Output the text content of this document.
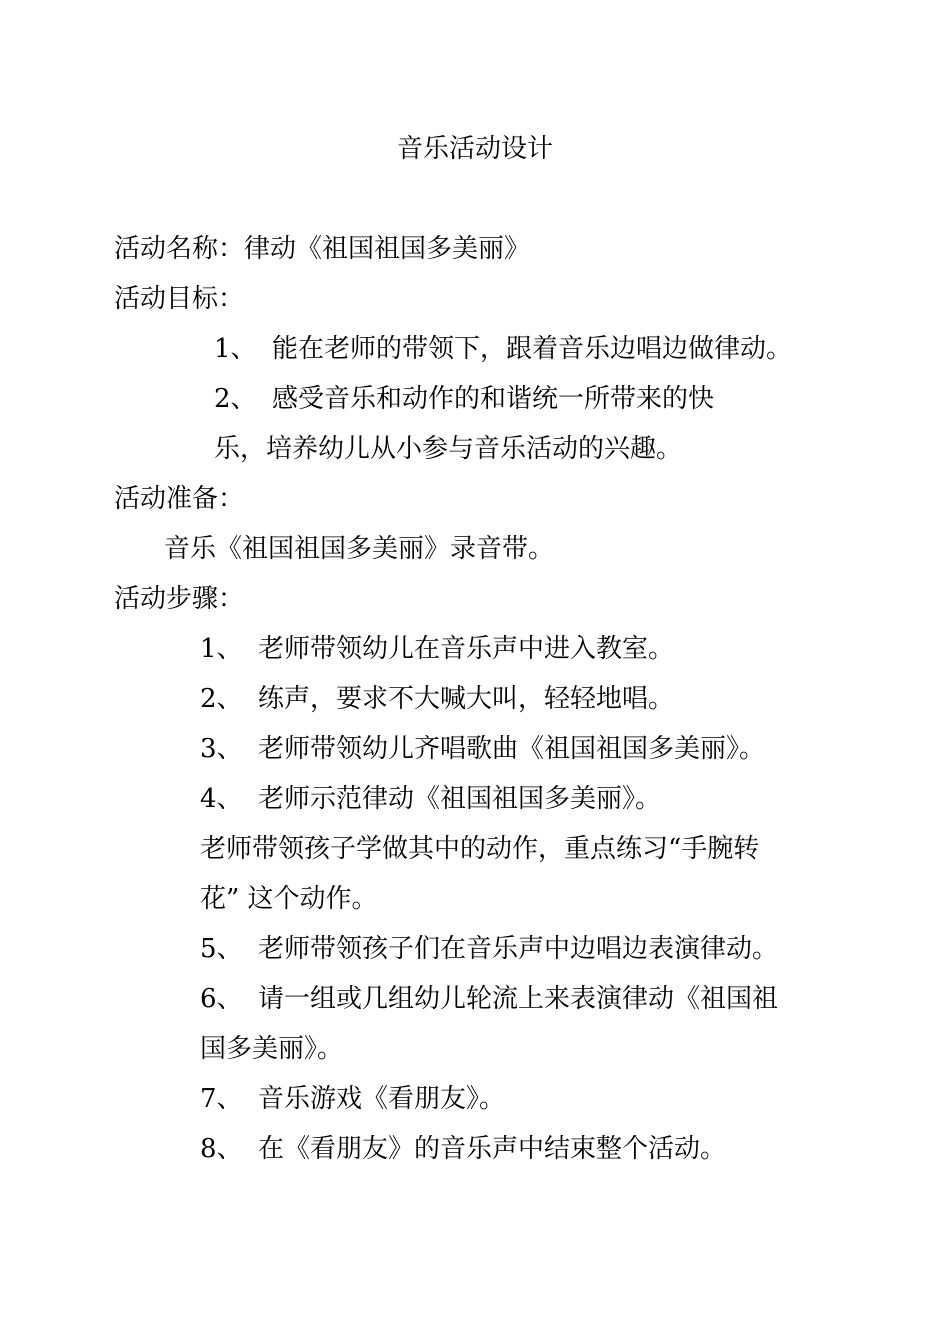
音乐活动设计
活动名称：律动《祖国祖国多美丽》
活动目标：
1、 能在老师的带领下，跟着音乐边唱边做律动。
2、 感受音乐和动作的和谐统一所带来的快
乐，培养幼儿从小参与音乐活动的兴趣。
活动准备：
音乐《祖国祖国多美丽》录音带。
活动步骤：
1、 老师带领幼儿在音乐声中进入教室。
2、 练声，要求不大喊大叫，轻轻地唱。
3、 老师带领幼儿齐唱歌曲《祖国祖国多美丽》。
4、 老师示范律动《祖国祖国多美丽》。
老师带领孩子学做其中的动作，重点练习“手腕转
花” 这个动作。
5、 老师带领孩子们在音乐声中边唱边表演律动。
6、 请一组或几组幼儿轮流上来表演律动《祖国祖
国多美丽》。
7、 音乐游戏《看朋友》。
8、 在《看朋友》的音乐声中结束整个活动。
